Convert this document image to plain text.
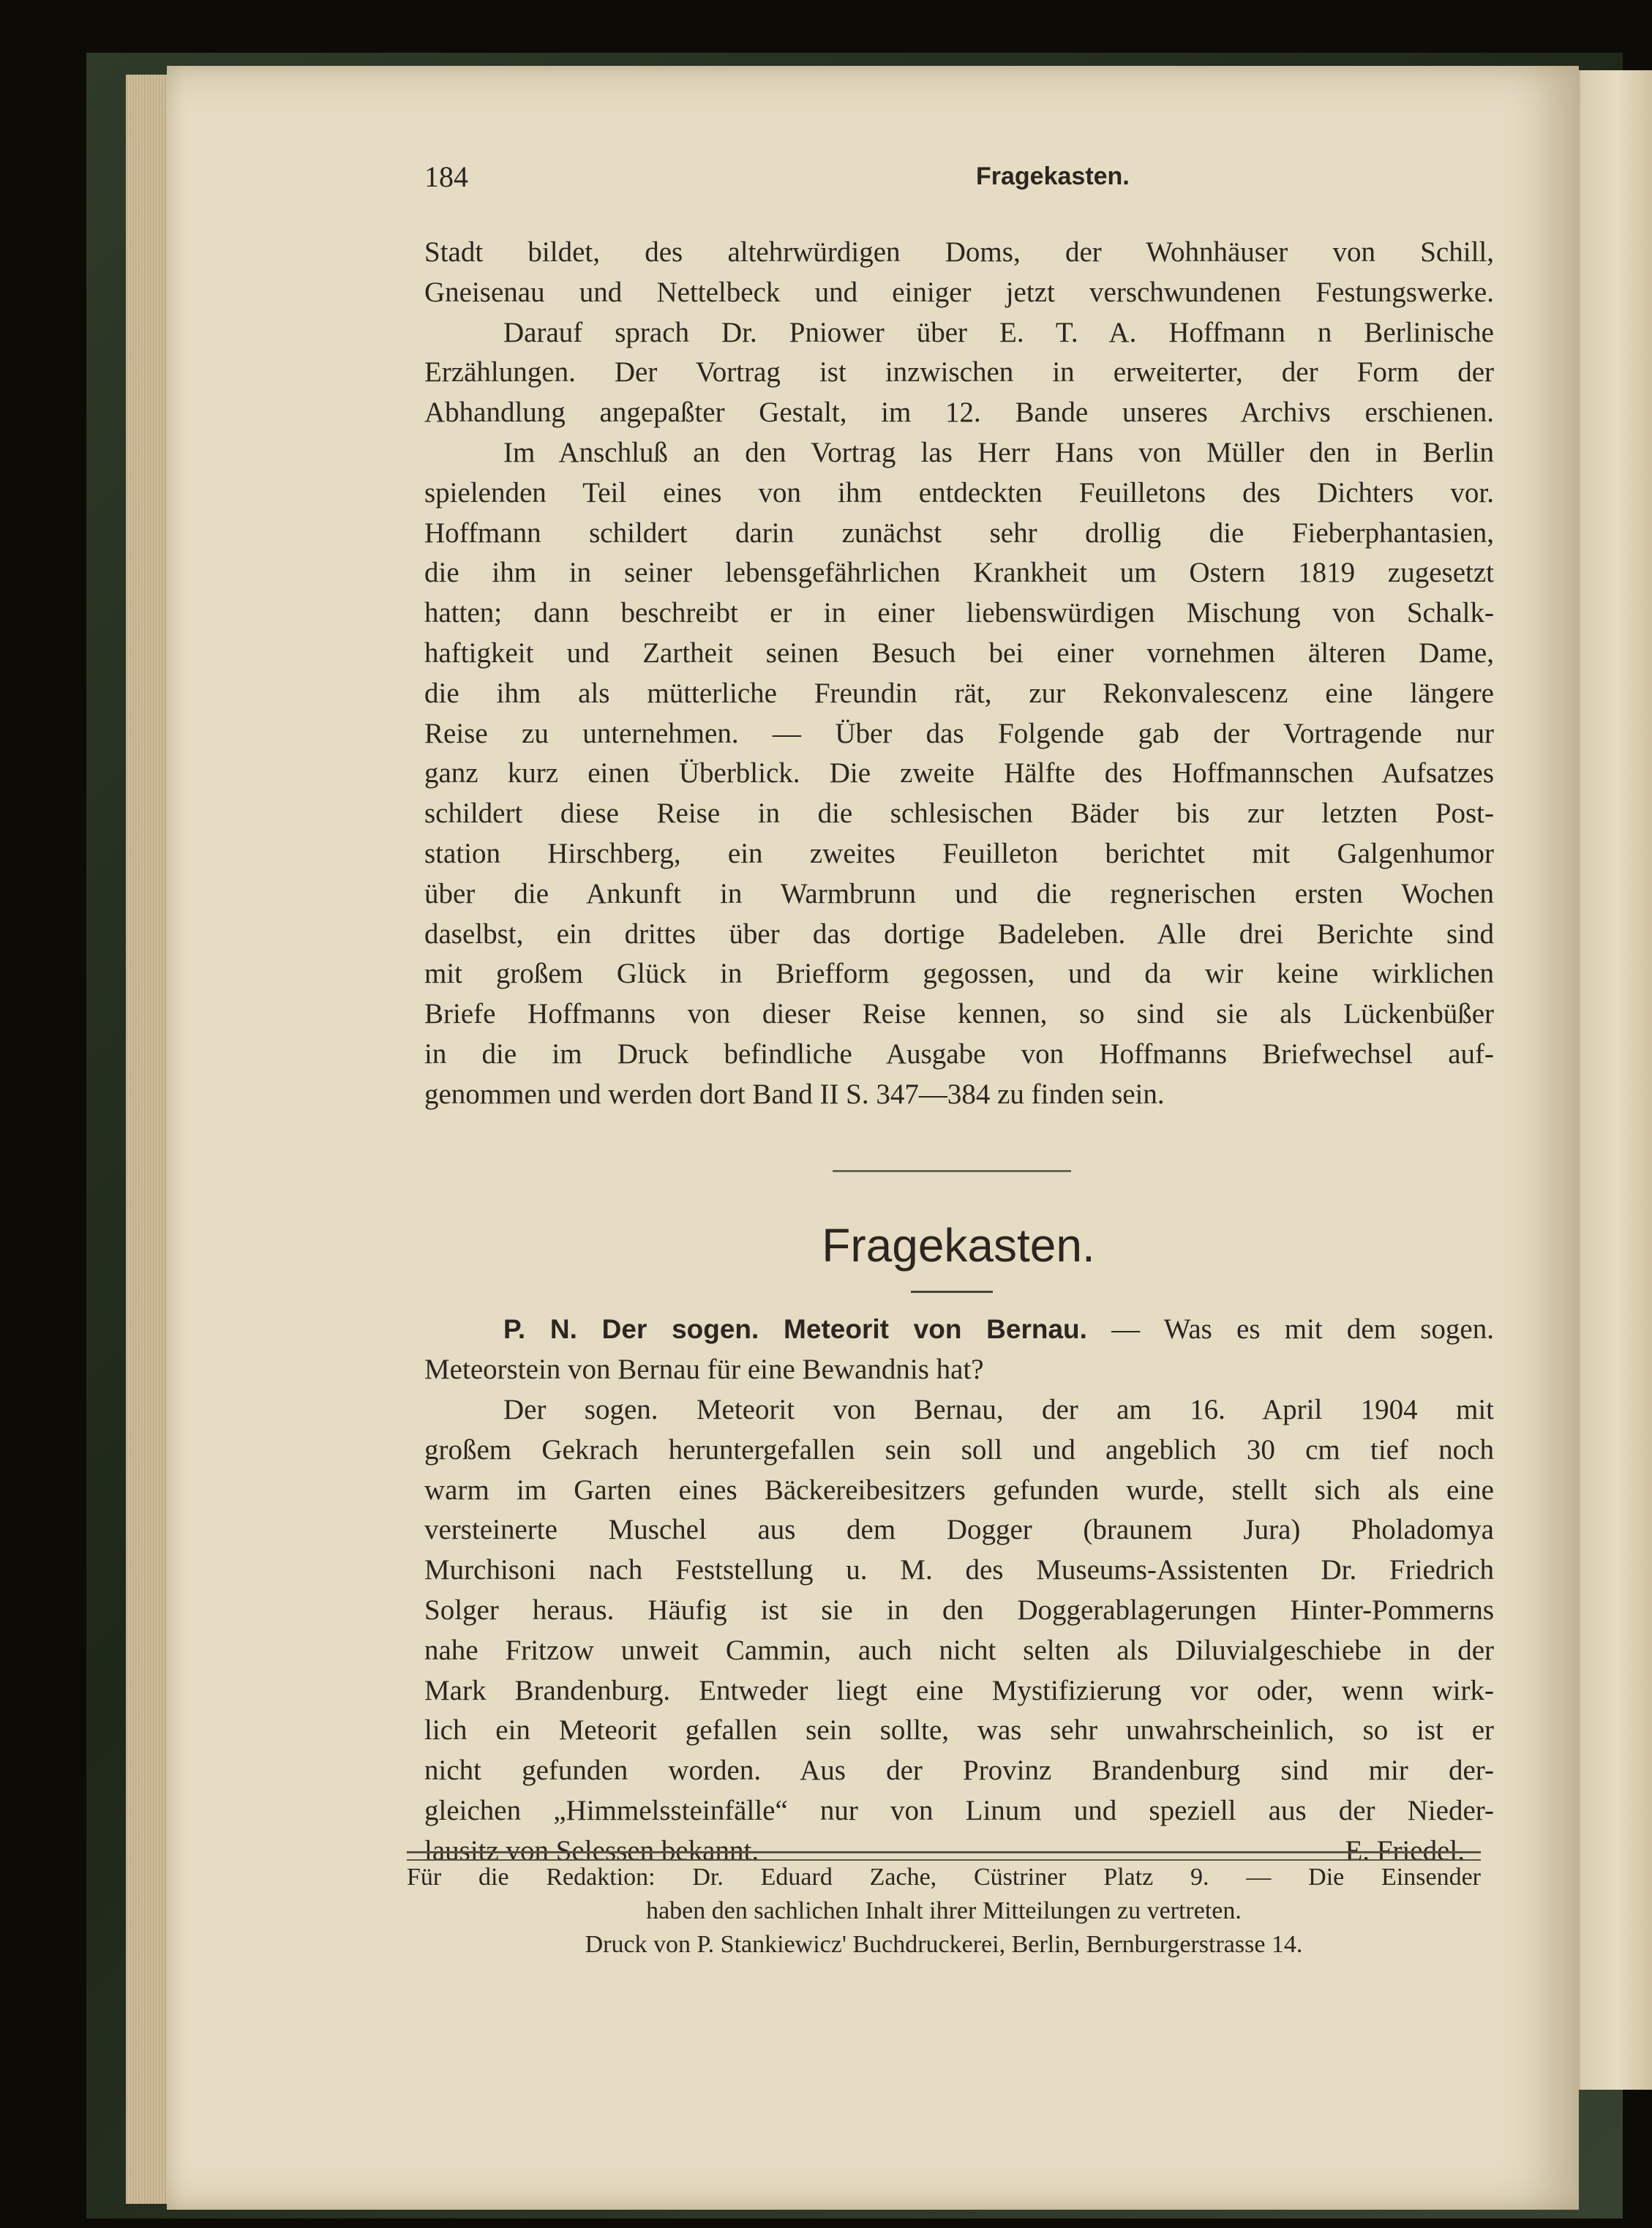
184	Fragekasten.
Stadt bildet, des altehrwürdigen Doms, der Wohnhäuser von Schill,
Gneisenau und Nettelbeck und einiger jetzt verschwundenen Festungswerke.
Darauf sprach Dr. Pniower über E. T. A. Hoffmann n Berlinische
Erzählungen. Der Vortrag ist inzwischen in erweiterter, der Form der
Abhandlung angepaßter Gestalt, im 12. Bande unseres Archivs erschienen.
Im Anschluß an den Vortrag las Herr Hans von Müller den in Berlin
spielenden Teil eines von ihm entdeckten Feuilletons des Dichters vor.
Hoffmann schildert darin zunächst sehr drollig die Fieberphantasien,
die ihm in seiner lebensgefährlichen Krankheit um Ostern 1819 zugesetzt
hatten; dann beschreibt er in einer liebenswürdigen Mischung von Schalk-
haftigkeit und Zartheit seinen Besuch bei einer vornehmen älteren Dame,
die ihm als mütterliche Freundin rät, zur Rekonvalescenz eine längere
Reise zu unternehmen. — Über das Folgende gab der Vortragende nur
ganz kurz einen Überblick. Die zweite Hälfte des Hoffmannschen Aufsatzes
schildert diese Reise in die schlesischen Bäder bis zur letzten Post-
station Hirschberg, ein zweites Feuilleton berichtet mit Galgenhumor
über die Ankunft in Warmbrunn und die regnerischen ersten Wochen
daselbst, ein drittes über das dortige Badeleben. Alle drei Berichte sind
mit großem Glück in Briefform gegossen, und da wir keine wirklichen
Briefe Hoffmanns von dieser Reise kennen, so sind sie als Lückenbüßer
in die im Druck befindliche Ausgabe von Hoffmanns Briefwechsel auf-
genommen und werden dort Band II S. 347—384 zu finden sein.
Fragekasten.
P. N. Der sogen. Meteorit von Bernau. — Was es mit dem sogen.
Meteorstein von Bernau für eine Bewandnis hat?
Der sogen. Meteorit von Bernau, der am 16. April 1904 mit
großem Gekrach heruntergefallen sein soll und angeblich 30 cm tief noch
warm im Garten eines Bäckereibesitzers gefunden wurde, stellt sich als eine
versteinerte Muschel aus dem Dogger (braunem Jura) Pholadomya
Murchisoni nach Feststellung u. M. des Museums-Assistenten Dr. Friedrich
Solger heraus. Häufig ist sie in den Doggerablagerungen Hinter-Pommerns
nahe Fritzow unweit Cammin, auch nicht selten als Diluvialgeschiebe in der
Mark Brandenburg. Entweder liegt eine Mystifizierung vor oder, wenn wirk-
lich ein Meteorit gefallen sein sollte, was sehr unwahrscheinlich, so ist er
nicht gefunden worden. Aus der Provinz Brandenburg sind mir der-
gleichen „Himmelssteinfälle“ nur von Linum und speziell aus der Nieder-
lausitz von Selessen bekannt.	E. Friedel.
Für die Redaktion: Dr. Eduard Zache, Cüstriner Platz 9. — Die Einsender
haben den sachlichen Inhalt ihrer Mitteilungen zu vertreten.
Druck von P. Stankiewicz' Buchdruckerei, Berlin, Bernburgerstrasse 14.
